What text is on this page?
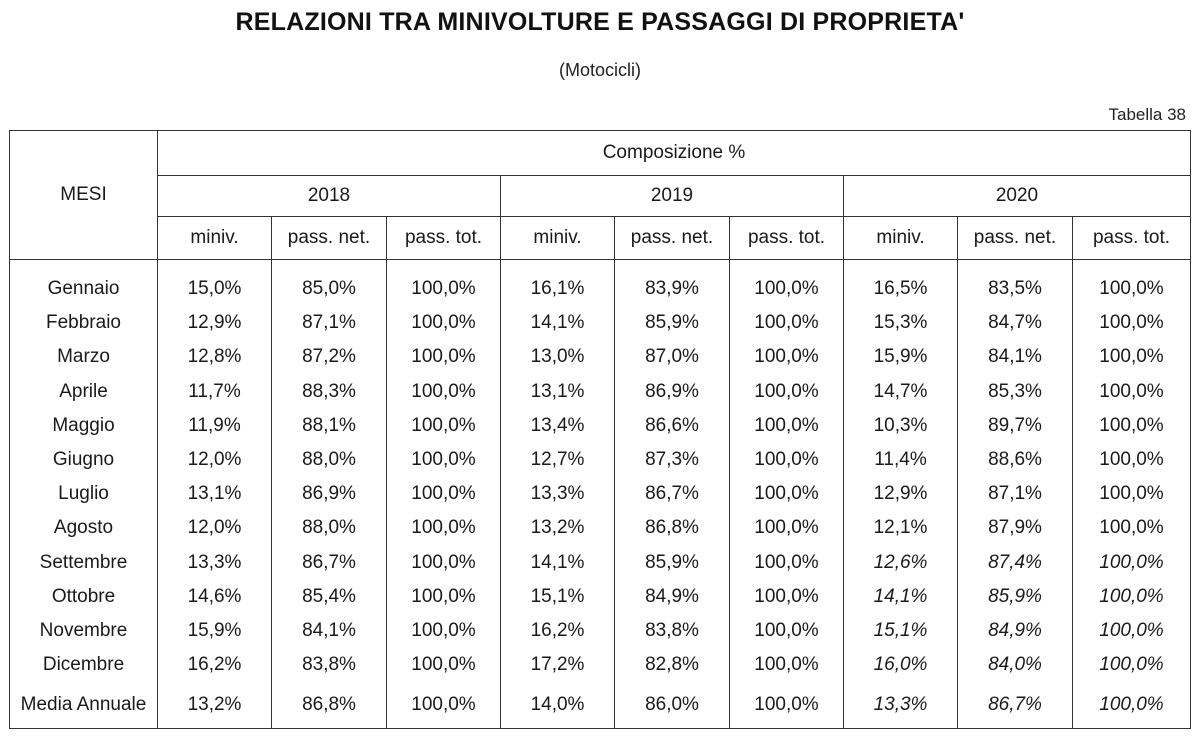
RELAZIONI TRA MINIVOLTURE E PASSAGGI DI PROPRIETA'
(Motocicli)
Tabella 38
MESI	Composizione %								
	2018			2019			2020		
	miniv.	pass. net.	pass. tot.	miniv.	pass. net.	pass. tot.	miniv.	pass. net.	pass. tot.

Gennaio	15,0%	85,0%	100,0%	16,1%	83,9%	100,0%	16,5%	83,5%	100,0%
Febbraio	12,9%	87,1%	100,0%	14,1%	85,9%	100,0%	15,3%	84,7%	100,0%
Marzo	12,8%	87,2%	100,0%	13,0%	87,0%	100,0%	15,9%	84,1%	100,0%
Aprile	11,7%	88,3%	100,0%	13,1%	86,9%	100,0%	14,7%	85,3%	100,0%
Maggio	11,9%	88,1%	100,0%	13,4%	86,6%	100,0%	10,3%	89,7%	100,0%
Giugno	12,0%	88,0%	100,0%	12,7%	87,3%	100,0%	11,4%	88,6%	100,0%
Luglio	13,1%	86,9%	100,0%	13,3%	86,7%	100,0%	12,9%	87,1%	100,0%
Agosto	12,0%	88,0%	100,0%	13,2%	86,8%	100,0%	12,1%	87,9%	100,0%
Settembre	13,3%	86,7%	100,0%	14,1%	85,9%	100,0%	12,6%	87,4%	100,0%
Ottobre	14,6%	85,4%	100,0%	15,1%	84,9%	100,0%	14,1%	85,9%	100,0%
Novembre	15,9%	84,1%	100,0%	16,2%	83,8%	100,0%	15,1%	84,9%	100,0%
Dicembre	16,2%	83,8%	100,0%	17,2%	82,8%	100,0%	16,0%	84,0%	100,0%
Media Annuale	13,2%	86,8%	100,0%	14,0%	86,0%	100,0%	13,3%	86,7%	100,0%
